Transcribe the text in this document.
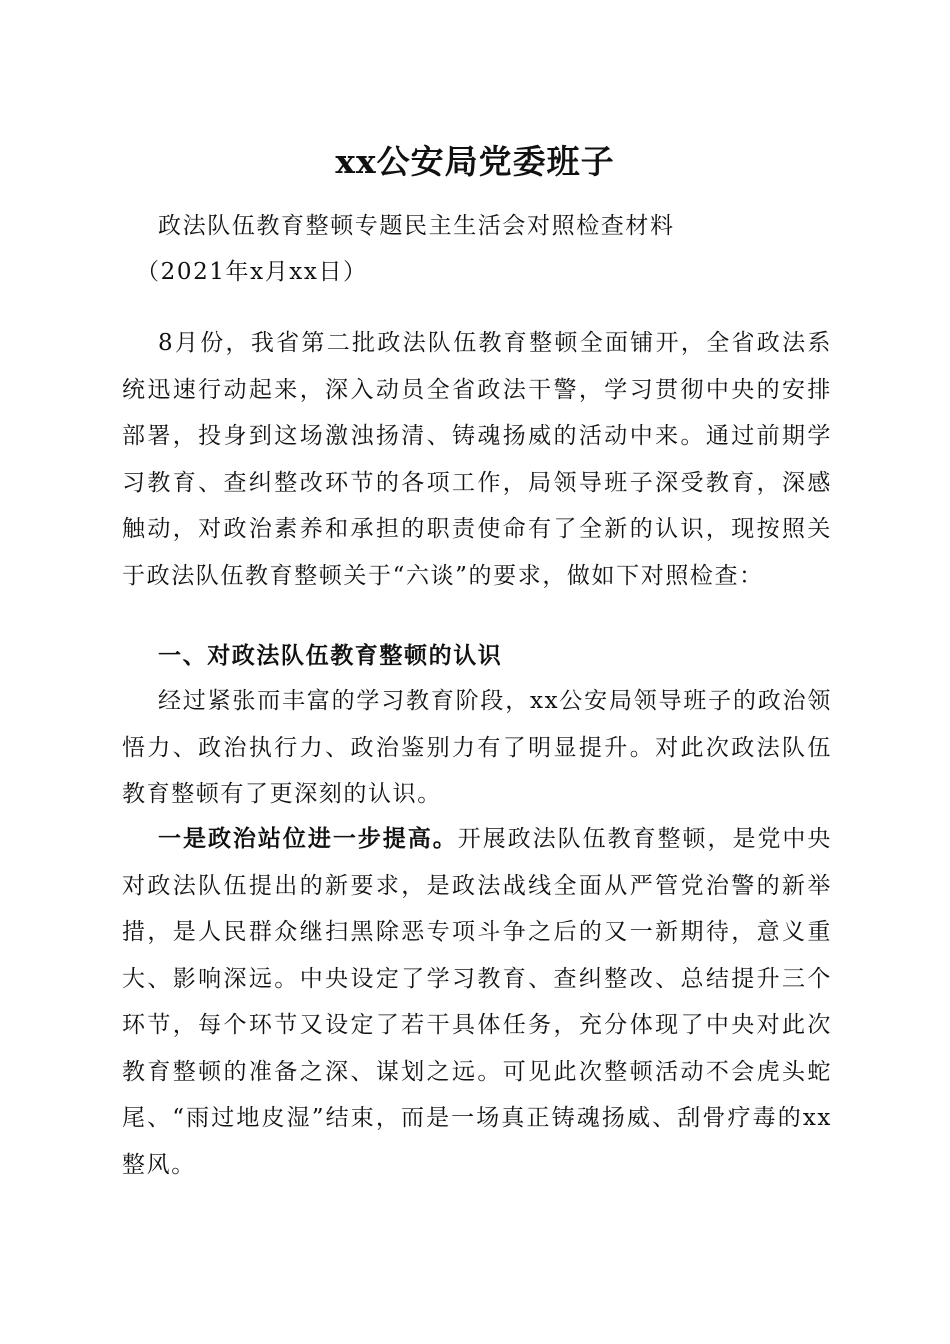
xx公安局党委班子

政法队伍教育整顿专题民主生活会对照检查材料

（2021年x月xx日）

8月份，我省第二批政法队伍教育整顿全面铺开，全省政法系统迅速行动起来，深入动员全省政法干警，学习贯彻中央的安排部署，投身到这场激浊扬清、铸魂扬威的活动中来。通过前期学习教育、查纠整改环节的各项工作，局领导班子深受教育，深感触动，对政治素养和承担的职责使命有了全新的认识，现按照关于政法队伍教育整顿关于“六谈”的要求，做如下对照检查：

一、对政法队伍教育整顿的认识

经过紧张而丰富的学习教育阶段，xx公安局领导班子的政治领悟力、政治执行力、政治鉴别力有了明显提升。对此次政法队伍教育整顿有了更深刻的认识。

一是政治站位进一步提高。开展政法队伍教育整顿，是党中央对政法队伍提出的新要求，是政法战线全面从严管党治警的新举措，是人民群众继扫黑除恶专项斗争之后的又一新期待，意义重大、影响深远。中央设定了学习教育、查纠整改、总结提升三个环节，每个环节又设定了若干具体任务，充分体现了中央对此次教育整顿的准备之深、谋划之远。可见此次整顿活动不会虎头蛇尾、“雨过地皮湿”结束，而是一场真正铸魂扬威、刮骨疗毒的xx整风。
